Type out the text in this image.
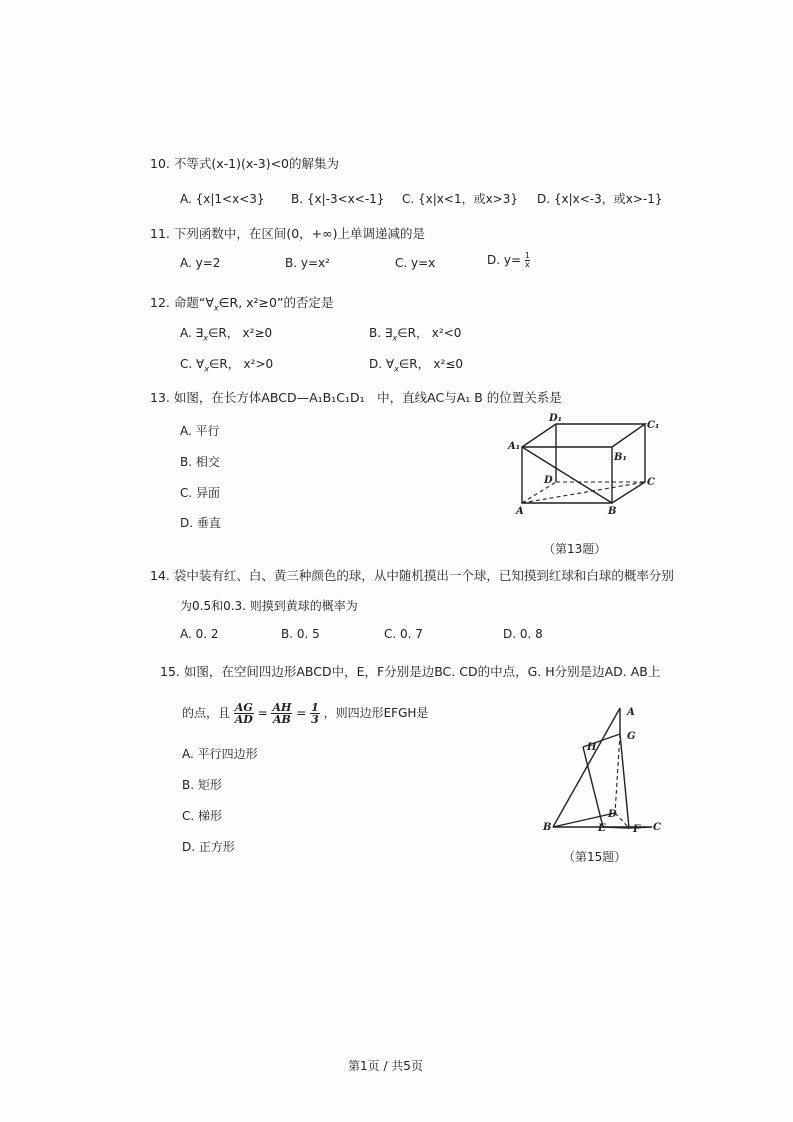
10. 不等式(x-1)(x-3)<0的解集为
A. {x|1<x<3} B. {x|-3<x<-1} C. {x|x<1，或x>3} D. {x|x<-3，或x>-1}
11. 下列函数中，在区间(0，+∞)上单调递减的是
A. y=2	B. y=x²	C. y=x	D. $y= \frac{1}{x}$
12. 命题“$\forall_x\in R$, x²≥0”的否定是
A. $\exists_x\in R$， x²≥0	B. $\exists_x\in R$， x²<0
C. $\forall_x\in R$， x²>0	D. $\forall_x\in R$， x²≤0
13. 如图，在长方体ABCD—A₁B₁C₁D₁　中，直线AC与A₁ B 的位置关系是
A. 平行
B. 相交
C. 异面
D. 垂直
（第13题）
A₁
B₁
C₁
D₁
A	B
C
D
A
G
H
D
F
B	E	C
14. 袋中装有红、白、黄三种颜色的球，从中随机摸出一个球，已知摸到红球和白球的概率分别
为0.5和0.3. 则摸到黄球的概率为
A. 0. 2	B. 0. 5	C. 0. 7	D. 0. 8
15. 如图，在空间四边形ABCD中，E，F分别是边BC. CD的中点，G. H分别是边AD. AB上
的点，且 $\frac{AG}{AD} = \frac{AH}{AB} = \frac{1}{3}$ ，则四边形EFGH是
A. 平行四边形
B. 矩形
C. 梯形
D. 正方形
（第15题）
第1页 / 共5页
